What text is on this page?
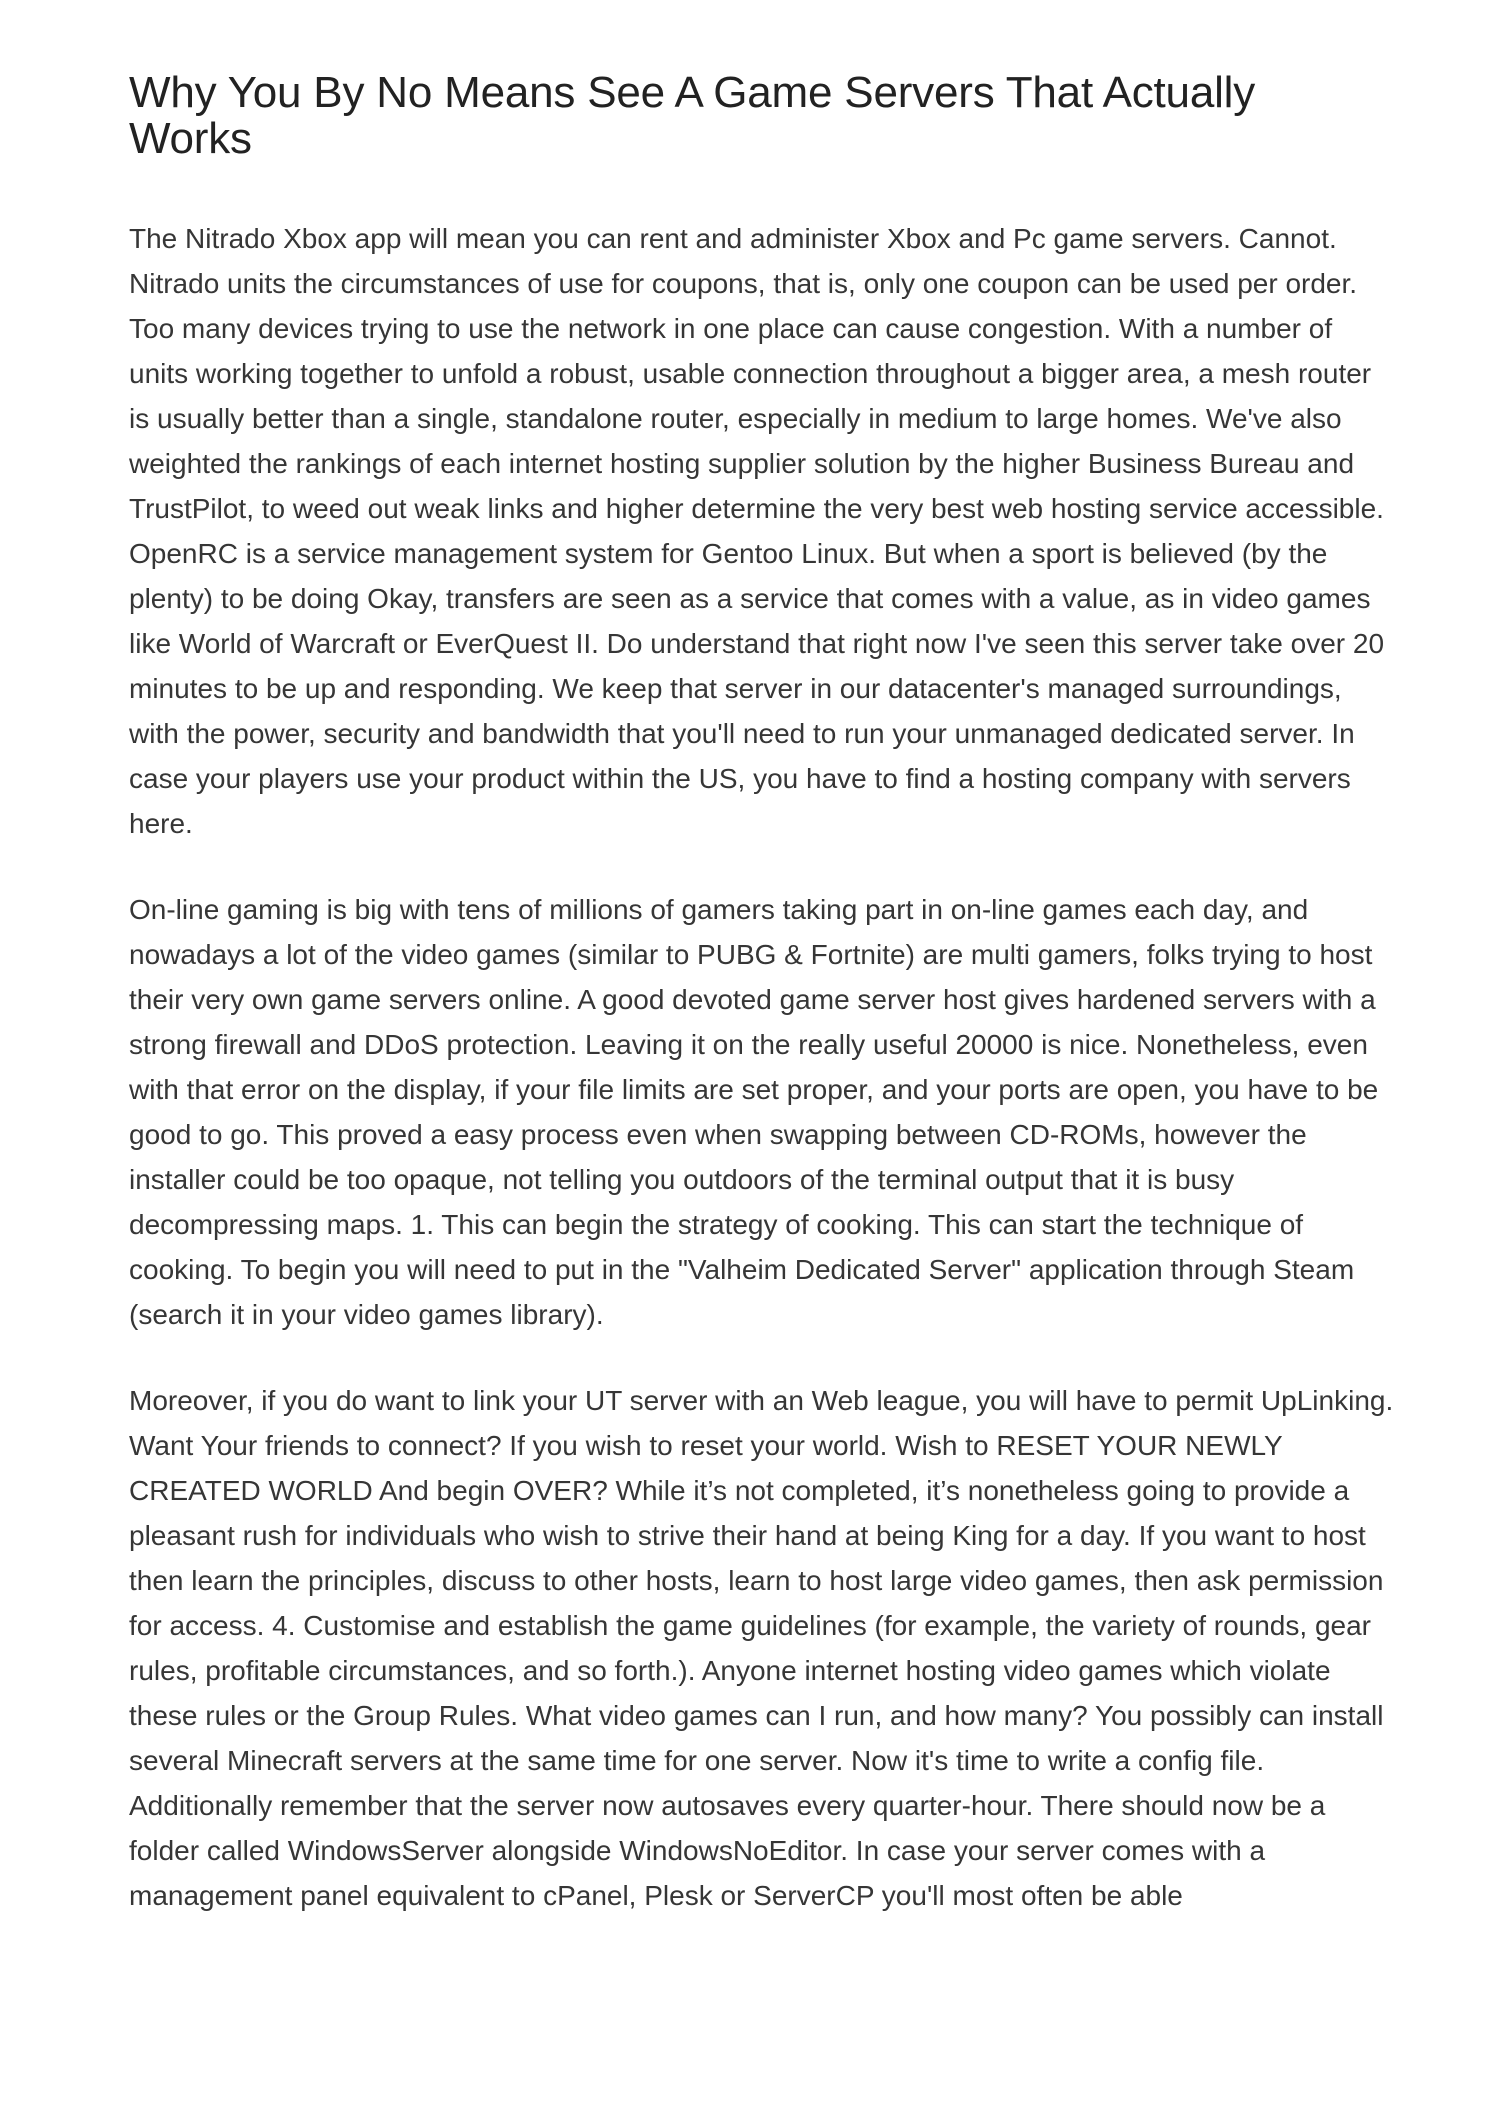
Why You By No Means See A Game Servers That Actually Works

The Nitrado Xbox app will mean you can rent and administer Xbox and Pc game servers. Cannot. Nitrado units the circumstances of use for coupons, that is, only one coupon can be used per order. Too many devices trying to use the network in one place can cause congestion. With a number of units working together to unfold a robust, usable connection throughout a bigger area, a mesh router is usually better than a single, standalone router, especially in medium to large homes. We've also weighted the rankings of each internet hosting supplier solution by the higher Business Bureau and TrustPilot, to weed out weak links and higher determine the very best web hosting service accessible. OpenRC is a service management system for Gentoo Linux. But when a sport is believed (by the plenty) to be doing Okay, transfers are seen as a service that comes with a value, as in video games like World of Warcraft or EverQuest II. Do understand that right now I've seen this server take over 20 minutes to be up and responding. We keep that server in our datacenter's managed surroundings, with the power, security and bandwidth that you'll need to run your unmanaged dedicated server. In case your players use your product within the US, you have to find a hosting company with servers here.

On-line gaming is big with tens of millions of gamers taking part in on-line games each day, and nowadays a lot of the video games (similar to PUBG & Fortnite) are multi gamers, folks trying to host their very own game servers online. A good devoted game server host gives hardened servers with a strong firewall and DDoS protection. Leaving it on the really useful 20000 is nice. Nonetheless, even with that error on the display, if your file limits are set proper, and your ports are open, you have to be good to go. This proved a easy process even when swapping between CD-ROMs, however the installer could be too opaque, not telling you outdoors of the terminal output that it is busy decompressing maps. 1. This can begin the strategy of cooking. This can start the technique of cooking. To begin you will need to put in the "Valheim Dedicated Server" application through Steam (search it in your video games library).

Moreover, if you do want to link your UT server with an Web league, you will have to permit UpLinking. Want Your friends to connect? If you wish to reset your world. Wish to RESET YOUR NEWLY CREATED WORLD And begin OVER? While it’s not completed, it’s nonetheless going to provide a pleasant rush for individuals who wish to strive their hand at being King for a day. If you want to host then learn the principles, discuss to other hosts, learn to host large video games, then ask permission for access. 4. Customise and establish the game guidelines (for example, the variety of rounds, gear rules, profitable circumstances, and so forth.). Anyone internet hosting video games which violate these rules or the Group Rules. What video games can I run, and how many? You possibly can install several Minecraft servers at the same time for one server. Now it's time to write a config file. Additionally remember that the server now autosaves every quarter-hour. There should now be a folder called WindowsServer alongside WindowsNoEditor. In case your server comes with a management panel equivalent to cPanel, Plesk or ServerCP you'll most often be able
